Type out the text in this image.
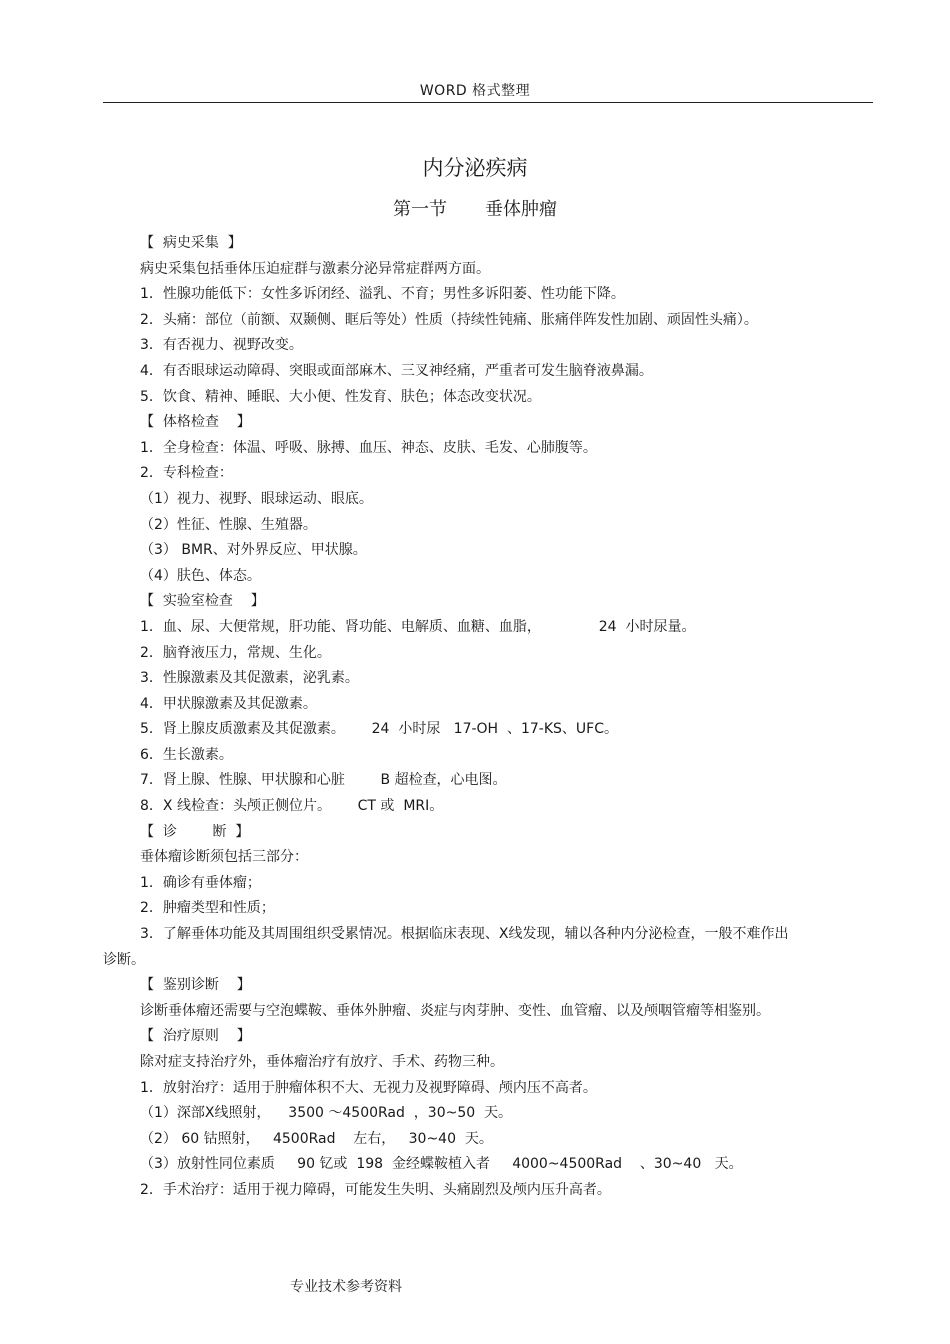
WORD 格式整理
内分泌疾病
第一节 垂体肿瘤

【  病史采集  】

病史采集包括垂体压迫症群与激素分泌异常症群两方面。

1．性腺功能低下：女性多诉闭经、溢乳、不育；男性多诉阳萎、性功能下降。

2．头痛：部位（前额、双颞侧、眶后等处）性质（持续性钝痛、胀痛伴阵发性加剧、顽固性头痛）。

3．有否视力、视野改变。

4．有否眼球运动障碍、突眼或面部麻木、三叉神经痛，严重者可发生脑脊液鼻漏。

5．饮食、精神、睡眠、大小便、性发育、肤色；体态改变状况。

【  体格检查    】

1．全身检查：体温、呼吸、脉搏、血压、神态、皮肤、毛发、心肺腹等。

2．专科检查：

（1）视力、视野、眼球运动、眼底。

（2）性征、性腺、生殖器。

（3） BMR、对外界反应、甲状腺。

（4）肤色、体态。

【  实验室检查    】

1．血、尿、大便常规，肝功能、肾功能、电解质、血糖、血脂，             24  小时尿量。

2．脑脊液压力，常规、生化。

3．性腺激素及其促激素，泌乳素。

4．甲状腺激素及其促激素。

5．肾上腺皮质激素及其促激素。      24  小时尿   17-OH  、17-KS、UFC。

6．生长激素。

7．肾上腺、性腺、甲状腺和心脏        B 超检查，心电图。

8．X 线检查：头颅正侧位片。      CT 或  MRI。

【  诊        断  】

垂体瘤诊断须包括三部分：

1．确诊有垂体瘤；

2．肿瘤类型和性质；

3．了解垂体功能及其周围组织受累情况。根据临床表现、X线发现，辅以各种内分泌检查，一般不难作出诊断。

【  鉴别诊断    】

诊断垂体瘤还需要与空泡蝶鞍、垂体外肿瘤、炎症与肉芽肿、变性、血管瘤、以及颅咽管瘤等相鉴别。

【  治疗原则    】

除对症支持治疗外，垂体瘤治疗有放疗、手术、药物三种。

1．放射治疗：适用于肿瘤体积不大、无视力及视野障碍、颅内压不高者。

（1）深部X线照射，    3500 ～4500Rad  ，30~50  天。

（2） 60 钴照射，   4500Rad    左右，   30~40  天。

（3）放射性同位素质     90 钇或  198  金经蝶鞍植入者     4000~4500Rad    、30~40   天。

2．手术治疗：适用于视力障碍，可能发生失明、头痛剧烈及颅内压升高者。

专业技术参考资料
